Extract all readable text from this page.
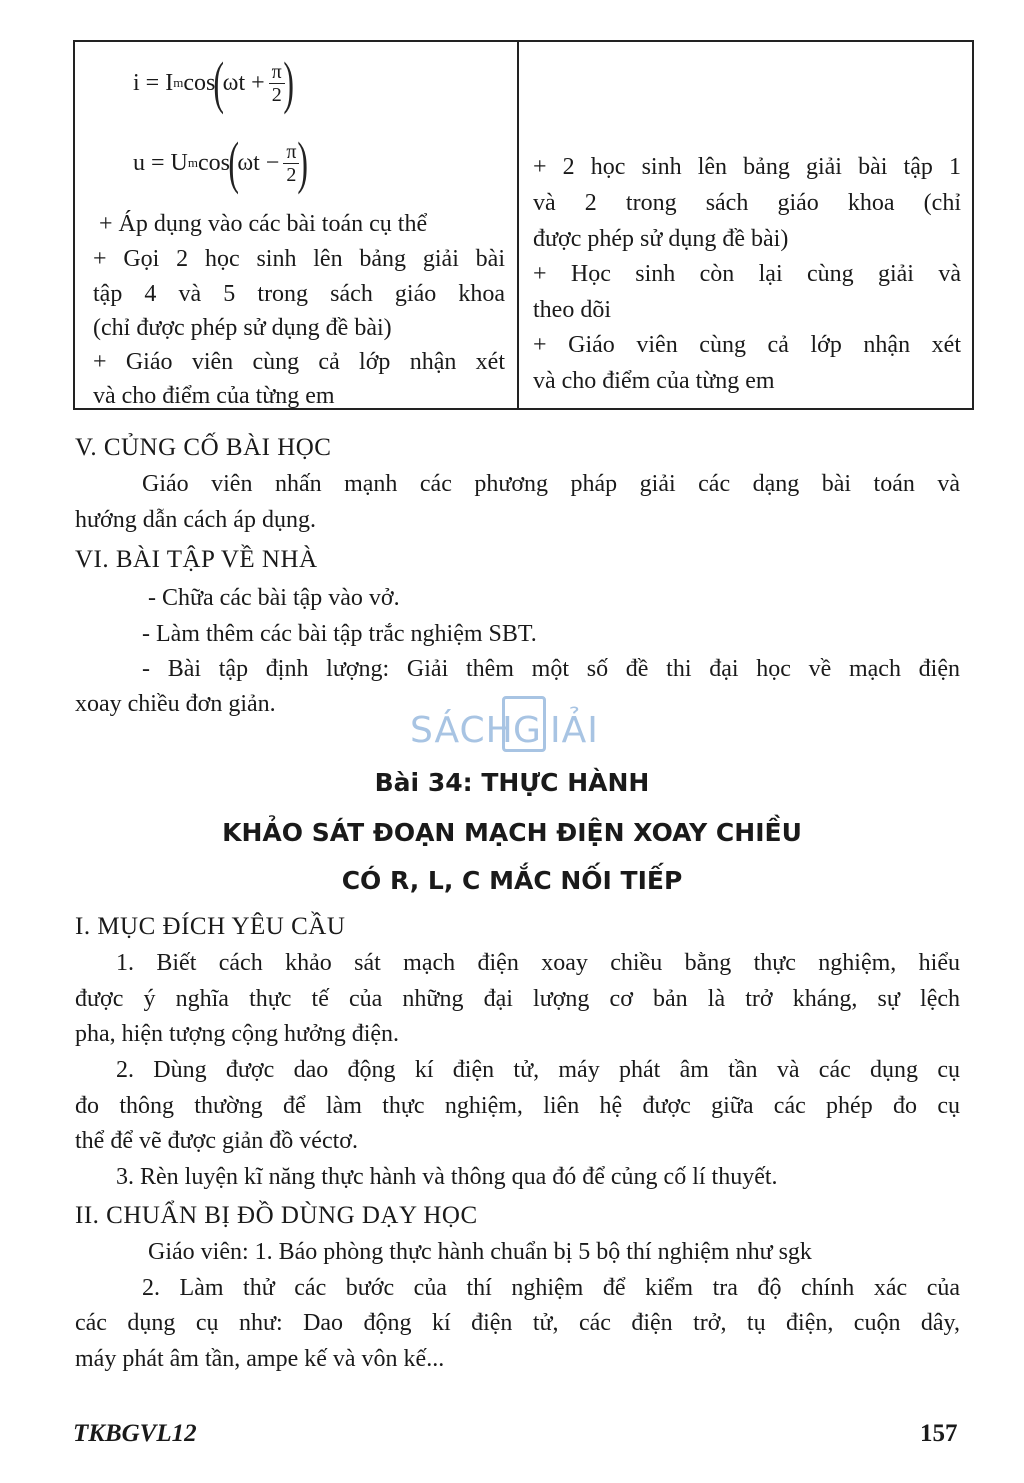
i = I m cos
(
$\omega t + \frac{\pi}{2}$
)
u = U m cos
(
$\omega t - \frac{\pi}{2}$
)
+ Áp dụng vào các bài toán cụ thể
+ Gọi 2 học sinh lên bảng giải bài
tập 4 và 5 trong sách giáo khoa
(chỉ được phép sử dụng đề bài)
+ Giáo viên cùng cả lớp nhận xét
và cho điểm của từng em
+ 2 học sinh lên bảng giải bài tập 1
và 2 trong sách giáo khoa (chỉ
được phép sử dụng đề bài)
+ Học sinh còn lại cùng giải và
theo dõi
+ Giáo viên cùng cả lớp nhận xét
và cho điểm của từng em
V. CỦNG CỐ BÀI HỌC
Giáo viên nhấn mạnh các phương pháp giải các dạng bài toán và
hướng dẫn cách áp dụng.
VI. BÀI TẬP VỀ NHÀ
- Chữa các bài tập vào vở.
- Làm thêm các bài tập trắc nghiệm SBT.
- Bài tập định lượng: Giải thêm một số đề thi đại học về mạch điện
xoay chiều đơn giản.
SÁCH G IẢI
Bài 34: THỰC HÀNH
KHẢO SÁT ĐOẠN MẠCH ĐIỆN XOAY CHIỀU
CÓ R, L, C MẮC NỐI TIẾP
I. MỤC ĐÍCH YÊU CẦU
1. Biết cách khảo sát mạch điện xoay chiều bằng thực nghiệm, hiểu
được ý nghĩa thực tế của những đại lượng cơ bản là trở kháng, sự lệch
pha, hiện tượng cộng hưởng điện.
2. Dùng được dao động kí điện tử, máy phát âm tần và các dụng cụ
đo thông thường để làm thực nghiệm, liên hệ được giữa các phép đo cụ
thể để vẽ được giản đồ véctơ.
3. Rèn luyện kĩ năng thực hành và thông qua đó để củng cố lí thuyết.
II. CHUẨN BỊ ĐỒ DÙNG DẠY HỌC
Giáo viên: 1. Báo phòng thực hành chuẩn bị 5 bộ thí nghiệm như sgk
2. Làm thử các bước của thí nghiệm để kiểm tra độ chính xác của
các dụng cụ như: Dao động kí điện tử, các điện trở, tụ điện, cuộn dây,
máy phát âm tần, ampe kế và vôn kế...
TKBGVL12	157
